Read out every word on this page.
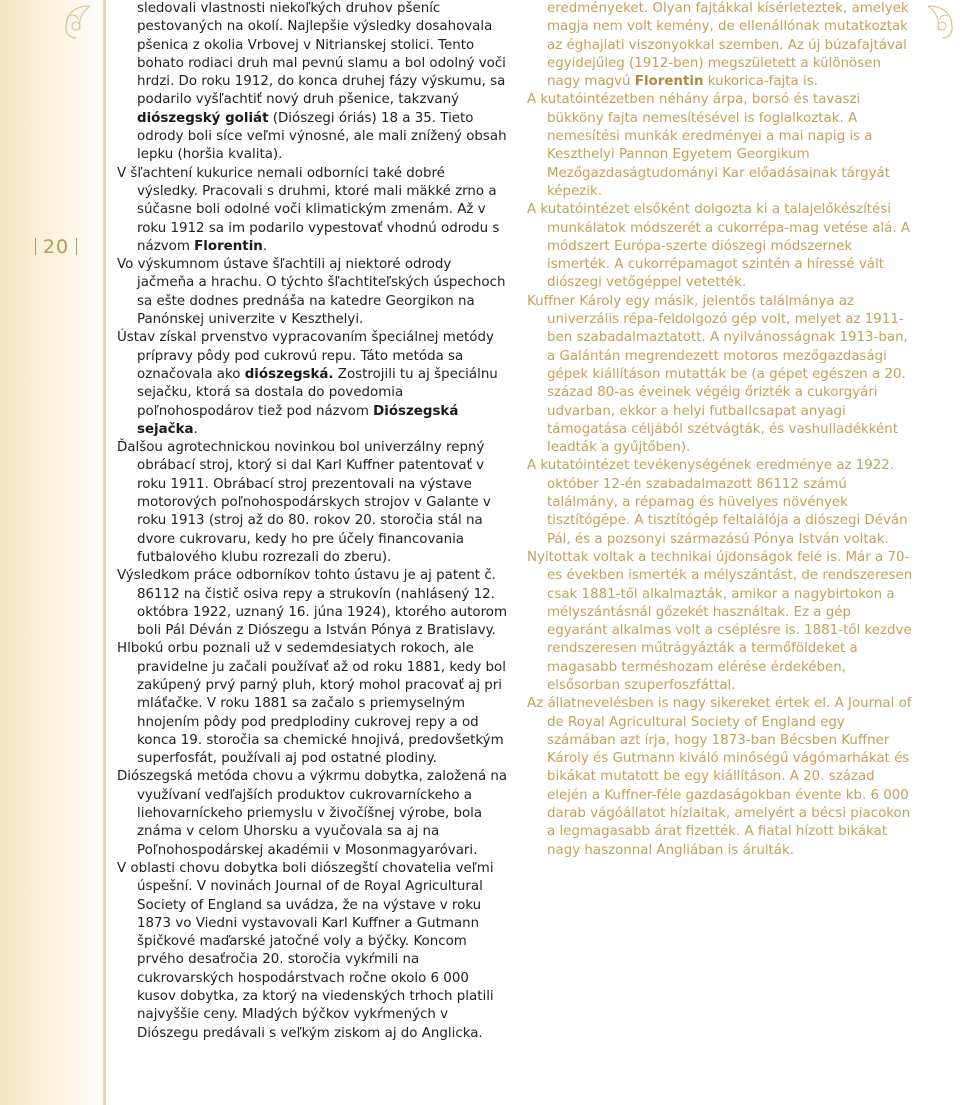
20

sledovali vlastnosti niekoľkých druhov pšeníc pestovaných na okolí. Najlepšie výsledky dosahovala pšenica z okolia Vrbovej v Nitrianskej stolici. Tento bohato rodiaci druh mal pevnú slamu a bol odolný voči hrdzi. Do roku 1912, do konca druhej fázy výskumu, sa podarilo vyšľachtiť nový druh pšenice, takzvaný diószegský goliát (Diószegi óriás) 18 a 35. Tieto odrody boli síce veľmi výnosné, ale mali znížený obsah lepku (horšia kvalita).

V šľachtení kukurice nemali odborníci také dobré výsledky. Pracovali s druhmi, ktoré mali mäkké zrno a súčasne boli odolné voči klimatickým zmenám. Až v roku 1912 sa im podarilo vypestovať vhodnú odrodu s názvom Florentin.

Vo výskumnom ústave šľachtili aj niektoré odrody jačmeňa a hrachu. O týchto šľachtiteľských úspechoch sa ešte dodnes prednáša na katedre Georgikon na Panónskej univerzite v Keszthelyi.

Ústav získal prvenstvo vypracovaním špeciálnej metódy prípravy pôdy pod cukrovú repu. Táto metóda sa označovala ako diószegská. Zostrojili tu aj špeciálnu sejačku, ktorá sa dostala do povedomia poľnohospodárov tiež pod názvom Diószegská sejačka.

Ďalšou agrotechnickou novinkou bol univerzálny repný obrábací stroj, ktorý si dal Karl Kuffner patentovať v roku 1911. Obrábací stroj prezentovali na výstave motorových poľnohospodárskych strojov v Galante v roku 1913 (stroj až do 80. rokov 20. storočia stál na dvore cukrovaru, kedy ho pre účely financovania futbalového klubu rozrezali do zberu).

Výsledkom práce odborníkov tohto ústavu je aj patent č. 86112 na čistič osiva repy a strukovín (nahlásený 12. októbra 1922, uznaný 16. júna 1924), ktorého autorom boli Pál Déván z Diószegu a István Pónya z Bratislavy.

Hlbokú orbu poznali už v sedemdesiatych rokoch, ale pravidelne ju začali používať až od roku 1881, kedy bol zakúpený prvý parný pluh, ktorý mohol pracovať aj pri mláťačke. V roku 1881 sa začalo s priemyselným hnojením pôdy pod predplodiny cukrovej repy a od konca 19. storočia sa chemické hnojivá, predovšetkým superfosfát, používali aj pod ostatné plodiny.

Diószegská metóda chovu a výkrmu dobytka, založená na využívaní vedľajších produktov cukrovarníckeho a liehovarníckeho priemyslu v živočíšnej výrobe, bola známa v celom Uhorsku a vyučovala sa aj na Poľnohospodárskej akadémii v Mosonmagyaróvari.

V oblasti chovu dobytka boli diószegští chovatelia veľmi úspešní. V novinách Journal of de Royal Agricultural Society of England sa uvádza, že na výstave v roku 1873 vo Viedni vystavovali Karl Kuffner a Gutmann špičkové maďarské jatočné voly a býčky. Koncom prvého desaťročia 20. storočia vykŕmili na cukrovarských hospodárstvach ročne okolo 6 000 kusov dobytka, za ktorý na viedenských trhoch platili najvyššie ceny. Mladých býčkov vykŕmených v Diószegu predávali s veľkým ziskom aj do Anglicka.

eredményeket. Olyan fajtákkal kísérleteztek, amelyek magja nem volt kemény, de ellenállónak mutatkoztak az éghajlati viszonyokkal szemben. Az új búzafajtával egyidejűleg (1912-ben) megszületett a különösen nagy magvú Florentin kukorica-fajta is.

A kutatóintézetben néhány árpa, borsó és tavaszi bükköny fajta nemesítésével is foglalkoztak. A nemesítési munkák eredményei a mai napig is a Keszthelyi Pannon Egyetem Georgikum Mezőgazdaságtudományi Kar előadásainak tárgyát képezik.

A kutatóintézet elsőként dolgozta ki a talajelőkészítési munkálatok módszerét a cukorrépa-mag vetése alá. A módszert Európa-szerte diószegi módszernek ismerték. A cukorrépamagot szintén a híressé vált diószegi vetőgéppel vetették.

Kuffner Károly egy másik, jelentős találmánya az univerzális répa-feldolgozó gép volt, melyet az 1911-ben szabadalmaztatott. A nyilvánosságnak 1913-ban, a Galántán megrendezett motoros mezőgazdasági gépek kiállításon mutatták be (a gépet egészen a 20. század 80-as éveinek végéig őrizték a cukorgyári udvarban, ekkor a helyi futballcsapat anyagi támogatása céljából szétvágták, és vashulladékként leadták a gyűjtőben).

A kutatóintézet tevékenységének eredménye az 1922. október 12-én szabadalmazott 86112 számú találmány, a répamag és hüvelyes növények tisztítógépe. A tisztítógép feltalálója a diószegi Déván Pál, és a pozsonyi származású Pónya István voltak.

Nyitottak voltak a technikai újdonságok felé is. Már a 70-es években ismerték a mélyszántást, de rendszeresen csak 1881-től alkalmazták, amikor a nagybirtokon a mélyszántásnál gőzekét használtak. Ez a gép egyaránt alkalmas volt a cséplésre is. 1881-től kezdve rendszeresen műtrágyázták a termőföldeket a magasabb terméshozam elérése érdekében, elsősorban szuperfoszfáttal.

Az állatnevelésben is nagy sikereket értek el. A Journal of de Royal Agricultural Society of England egy számában azt írja, hogy 1873-ban Bécsben Kuffner Károly és Gutmann kiváló minőségű vágómarhákat és bikákat mutatott be egy kiállításon. A 20. század elején a Kuffner-féle gazdaságokban évente kb. 6 000 darab vágóállatot hízlaltak, amelyért a bécsi piacokon a legmagasabb árat fizették. A fiatal hízott bikákat nagy haszonnal Angliában is árulták.
